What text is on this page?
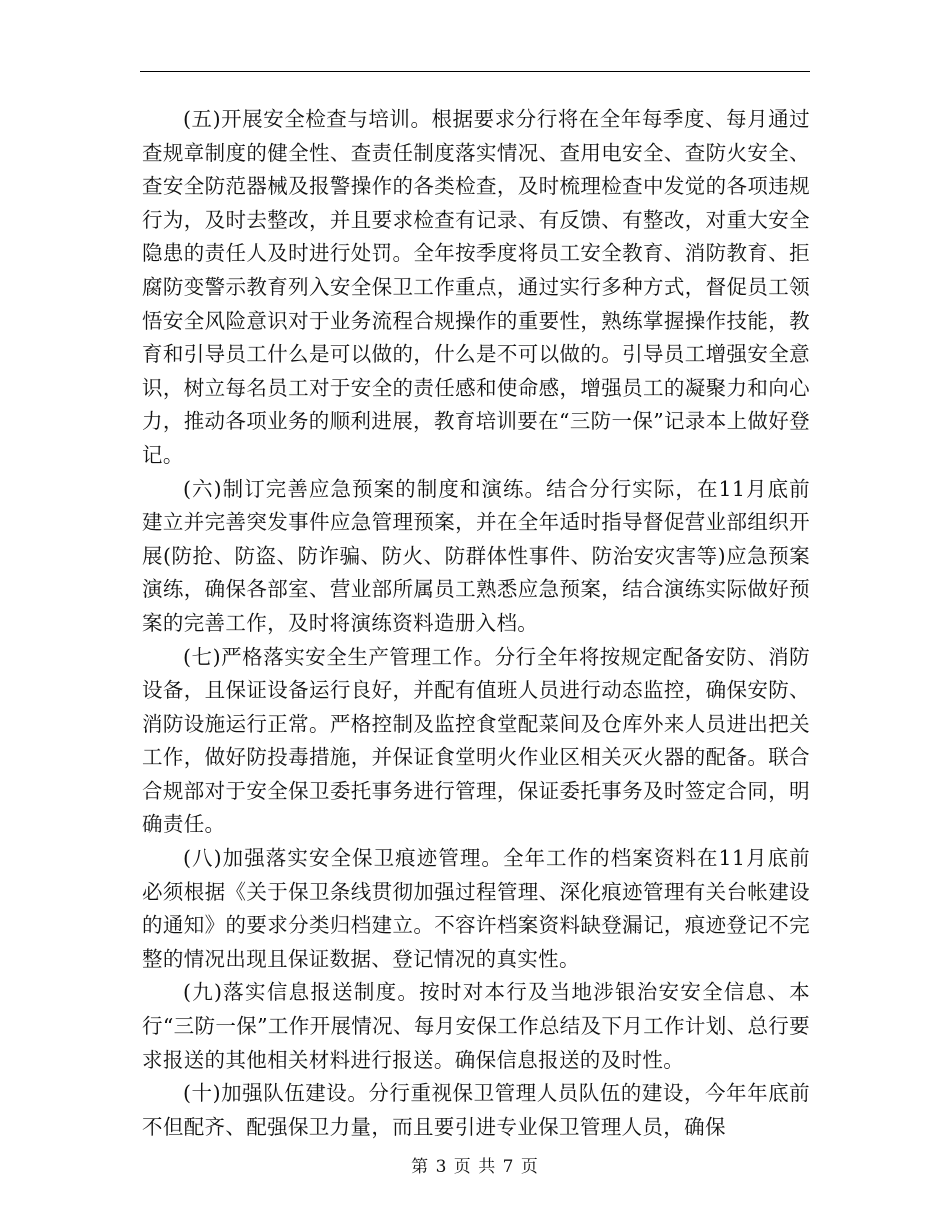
(五)开展安全检查与培训。根据要求分行将在全年每季度、每月通过查规章制度的健全性、查责任制度落实情况、查用电安全、查防火安全、查安全防范器械及报警操作的各类检查，及时梳理检查中发觉的各项违规行为，及时去整改，并且要求检查有记录、有反馈、有整改，对重大安全隐患的责任人及时进行处罚。全年按季度将员工安全教育、消防教育、拒腐防变警示教育列入安全保卫工作重点，通过实行多种方式，督促员工领悟安全风险意识对于业务流程合规操作的重要性，熟练掌握操作技能，教育和引导员工什么是可以做的，什么是不可以做的。引导员工增强安全意识，树立每名员工对于安全的责任感和使命感，增强员工的凝聚力和向心力，推动各项业务的顺利进展，教育培训要在“三防一保”记录本上做好登记。

(六)制订完善应急预案的制度和演练。结合分行实际，在11月底前建立并完善突发事件应急管理预案，并在全年适时指导督促营业部组织开展(防抢、防盗、防诈骗、防火、防群体性事件、防治安灾害等)应急预案演练，确保各部室、营业部所属员工熟悉应急预案，结合演练实际做好预案的完善工作，及时将演练资料造册入档。

(七)严格落实安全生产管理工作。分行全年将按规定配备安防、消防设备，且保证设备运行良好，并配有值班人员进行动态监控，确保安防、消防设施运行正常。严格控制及监控食堂配菜间及仓库外来人员进出把关工作，做好防投毒措施，并保证食堂明火作业区相关灭火器的配备。联合合规部对于安全保卫委托事务进行管理，保证委托事务及时签定合同，明确责任。

(八)加强落实安全保卫痕迹管理。全年工作的档案资料在11月底前必须根据《关于保卫条线贯彻加强过程管理、深化痕迹管理有关台帐建设的通知》的要求分类归档建立。不容许档案资料缺登漏记，痕迹登记不完整的情况出现且保证数据、登记情况的真实性。

(九)落实信息报送制度。按时对本行及当地涉银治安安全信息、本行“三防一保”工作开展情况、每月安保工作总结及下月工作计划、总行要求报送的其他相关材料进行报送。确保信息报送的及时性。

(十)加强队伍建设。分行重视保卫管理人员队伍的建设，今年年底前不但配齐、配强保卫力量，而且要引进专业保卫管理人员，确保

第 3 页 共 7 页
